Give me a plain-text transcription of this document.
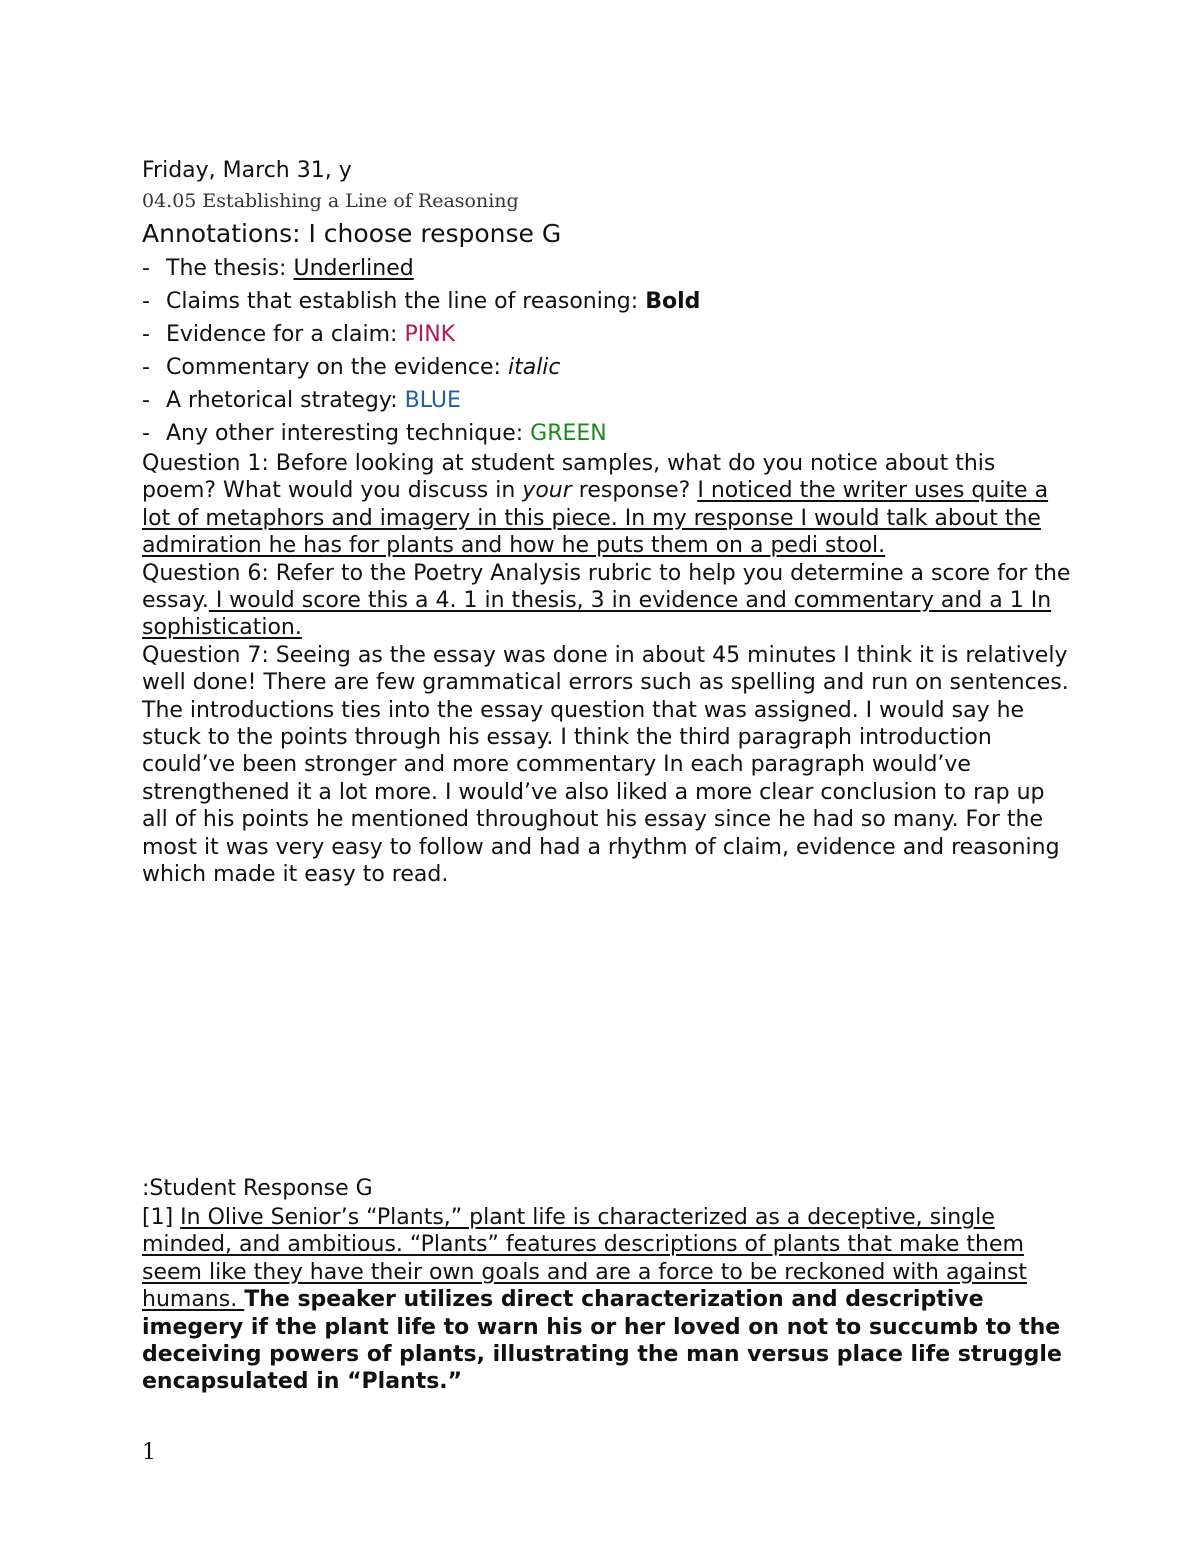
Friday, March 31, y

04.05 Establishing a Line of Reasoning

Annotations: I choose response G

- The thesis: Underlined
- Claims that establish the line of reasoning: Bold
- Evidence for a claim: PINK
- Commentary on the evidence: italic
- A rhetorical strategy: BLUE
- Any other interesting technique: GREEN

Question 1: Before looking at student samples, what do you notice about this poem? What would you discuss in your response? I noticed the writer uses quite a lot of metaphors and imagery in this piece. In my response I would talk about the admiration he has for plants and how he puts them on a pedi stool.

Question 6: Refer to the Poetry Analysis rubric to help you determine a score for the essay. I would score this a 4. 1 in thesis, 3 in evidence and commentary and a 1 In sophistication.

Question 7: Seeing as the essay was done in about 45 minutes I think it is relatively well done! There are few grammatical errors such as spelling and run on sentences. The introductions ties into the essay question that was assigned. I would say he stuck to the points through his essay. I think the third paragraph introduction could’ve been stronger and more commentary In each paragraph would’ve strengthened it a lot more. I would’ve also liked a more clear conclusion to rap up all of his points he mentioned throughout his essay since he had so many. For the most it was very easy to follow and had a rhythm of claim, evidence and reasoning which made it easy to read.

:Student Response G

[1] In Olive Senior’s “Plants,” plant life is characterized as a deceptive, single minded, and ambitious. “Plants” features descriptions of plants that make them seem like they have their own goals and are a force to be reckoned with against humans. The speaker utilizes direct characterization and descriptive imegery if the plant life to warn his or her loved on not to succumb to the deceiving powers of plants, illustrating the man versus place life struggle encapsulated in “Plants.”

1
